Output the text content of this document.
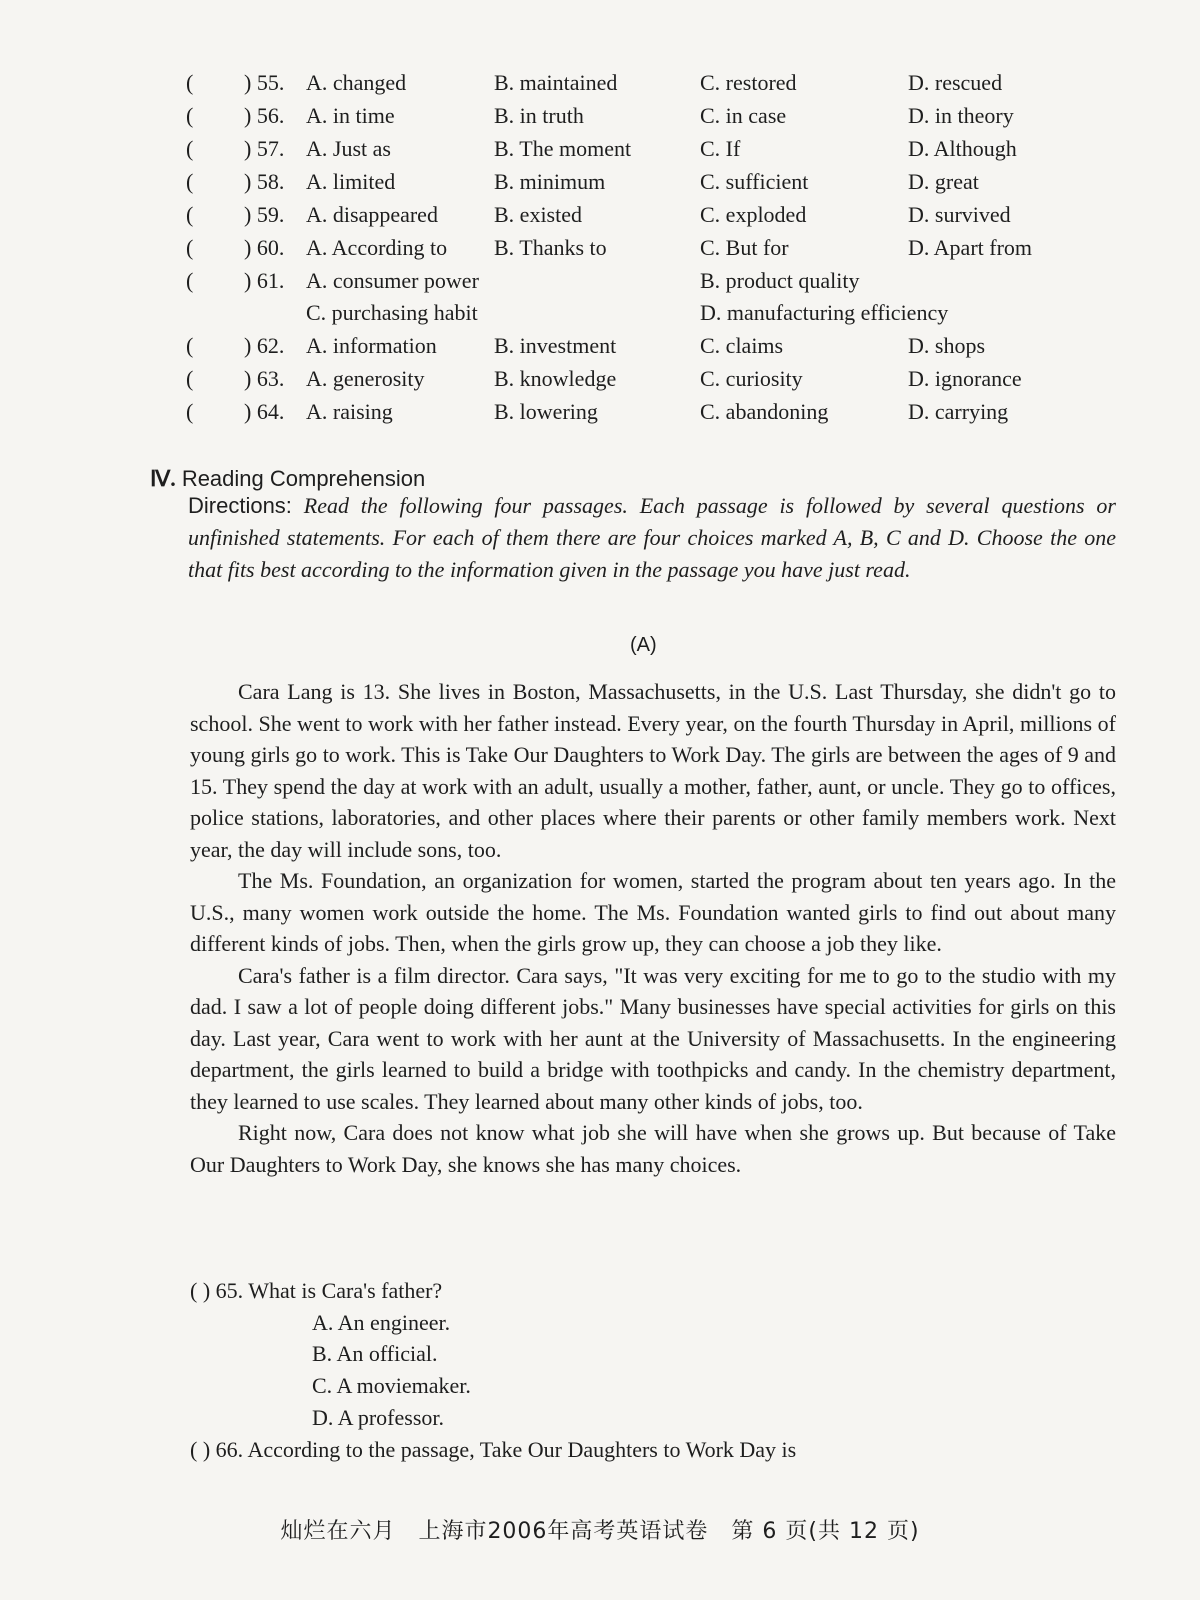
( ) 55. A. changed	B. maintained	C. restored	D. rescued
( ) 56. A. in time	B. in truth	C. in case	D. in theory
( ) 57. A. Just as	B. The moment	C. If	D. Although
( ) 58. A. limited	B. minimum	C. sufficient	D. great
( ) 59. A. disappeared	B. existed	C. exploded	D. survived
( ) 60. A. According to B. Thanks to	C. But for	D. Apart from
( ) 61. A. consumer power	B. product quality
C. purchasing habit	D. manufacturing efficiency
( ) 62. A. information	B. investment	C. claims	D. shops
( ) 63. A. generosity	B. knowledge	C. curiosity	D. ignorance
( ) 64. A. raising	B. lowering	C. abandoning	D. carrying
Ⅳ. Reading Comprehension
Directions: Read the following four passages. Each passage is followed by several questions or unfinished statements. For each of them there are four choices marked A, B, C and D. Choose the one that fits best according to the information given in the passage you have just read.
(A)

Cara Lang is 13. She lives in Boston, Massachusetts, in the U.S. Last Thursday, she didn't go to school. She went to work with her father instead. Every year, on the fourth Thursday in April, millions of young girls go to work. This is Take Our Daughters to Work Day. The girls are between the ages of 9 and 15. They spend the day at work with an adult, usually a mother, father, aunt, or uncle. They go to offices, police stations, laboratories, and other places where their parents or other family members work. Next year, the day will include sons, too.

The Ms. Foundation, an organization for women, started the program about ten years ago. In the U.S., many women work outside the home. The Ms. Foundation wanted girls to find out about many different kinds of jobs. Then, when the girls grow up, they can choose a job they like.

Cara's father is a film director. Cara says, "It was very exciting for me to go to the studio with my dad. I saw a lot of people doing different jobs." Many businesses have special activities for girls on this day. Last year, Cara went to work with her aunt at the University of Massachusetts. In the engineering department, the girls learned to build a bridge with toothpicks and candy. In the chemistry department, they learned to use scales. They learned about many other kinds of jobs, too.

Right now, Cara does not know what job she will have when she grows up. But because of Take Our Daughters to Work Day, she knows she has many choices.

( ) 65. What is Cara's father?
A. An engineer.
B. An official.
C. A moviemaker.
D. A professor.
( ) 66. According to the passage, Take Our Daughters to Work Day is
灿烂在六月　上海市2006年高考英语试卷　第 6 页(共 12 页)
